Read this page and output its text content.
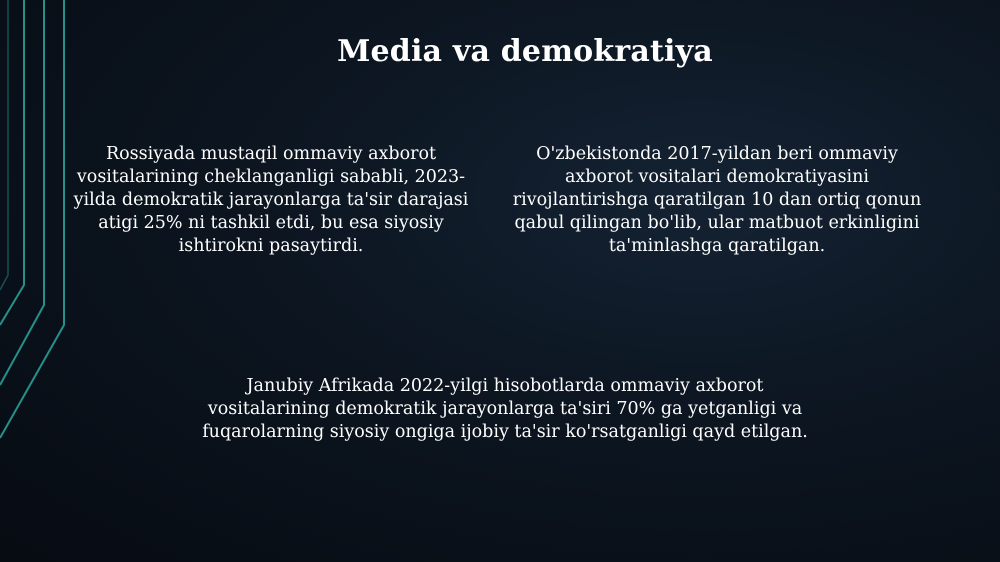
Media va demokratiya

Rossiyada mustaqil ommaviy axborot vositalarining cheklanganligi sababli, 2023-yilda demokratik jarayonlarga ta'sir darajasi atigi 25% ni tashkil etdi, bu esa siyosiy ishtirokni pasaytirdi.

O'zbekistonda 2017-yildan beri ommaviy axborot vositalari demokratiyasini rivojlantirishga qaratilgan 10 dan ortiq qonun qabul qilingan bo'lib, ular matbuot erkinligini ta'minlashga qaratilgan.

Janubiy Afrikada 2022-yilgi hisobotlarda ommaviy axborot vositalarining demokratik jarayonlarga ta'siri 70% ga yetganligi va fuqarolarning siyosiy ongiga ijobiy ta'sir ko'rsatganligi qayd etilgan.
